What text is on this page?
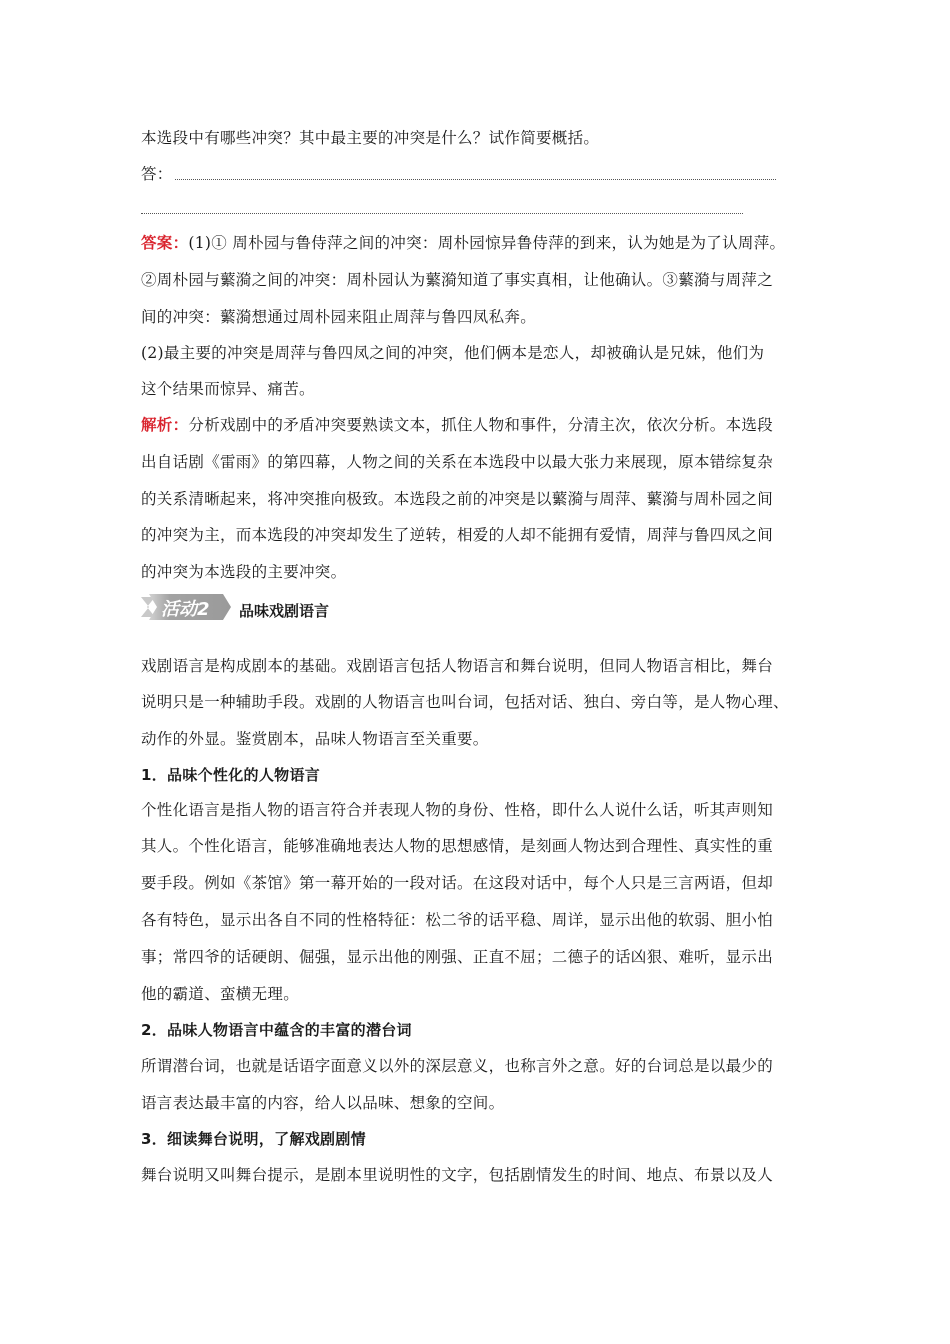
本选段中有哪些冲突？其中最主要的冲突是什么？试作简要概括。
答：
答案：(1)① 周朴园与鲁侍萍之间的冲突：周朴园惊异鲁侍萍的到来，认为她是为了认周萍。
②周朴园与蘩漪之间的冲突：周朴园认为蘩漪知道了事实真相，让他确认。③蘩漪与周萍之
间的冲突：蘩漪想通过周朴园来阻止周萍与鲁四凤私奔。
(2)最主要的冲突是周萍与鲁四凤之间的冲突，他们俩本是恋人，却被确认是兄妹，他们为
这个结果而惊异、痛苦。
解析：分析戏剧中的矛盾冲突要熟读文本，抓住人物和事件，分清主次，依次分析。本选段
出自话剧《雷雨》的第四幕，人物之间的关系在本选段中以最大张力来展现，原本错综复杂
的关系清晰起来，将冲突推向极致。本选段之前的冲突是以蘩漪与周萍、蘩漪与周朴园之间
的冲突为主，而本选段的冲突却发生了逆转，相爱的人却不能拥有爱情，周萍与鲁四凤之间
的冲突为本选段的主要冲突。
活动2 品味戏剧语言
戏剧语言是构成剧本的基础。戏剧语言包括人物语言和舞台说明，但同人物语言相比，舞台
说明只是一种辅助手段。戏剧的人物语言也叫台词，包括对话、独白、旁白等，是人物心理、
动作的外显。鉴赏剧本，品味人物语言至关重要。
1．品味个性化的人物语言
个性化语言是指人物的语言符合并表现人物的身份、性格，即什么人说什么话，听其声则知
其人。个性化语言，能够准确地表达人物的思想感情，是刻画人物达到合理性、真实性的重
要手段。例如《茶馆》第一幕开始的一段对话。在这段对话中，每个人只是三言两语，但却
各有特色，显示出各自不同的性格特征：松二爷的话平稳、周详，显示出他的软弱、胆小怕
事；常四爷的话硬朗、倔强，显示出他的刚强、正直不屈；二德子的话凶狠、难听，显示出
他的霸道、蛮横无理。
2．品味人物语言中蕴含的丰富的潜台词
所谓潜台词，也就是话语字面意义以外的深层意义，也称言外之意。好的台词总是以最少的
语言表达最丰富的内容，给人以品味、想象的空间。
3．细读舞台说明，了解戏剧剧情
舞台说明又叫舞台提示，是剧本里说明性的文字，包括剧情发生的时间、地点、布景以及人
